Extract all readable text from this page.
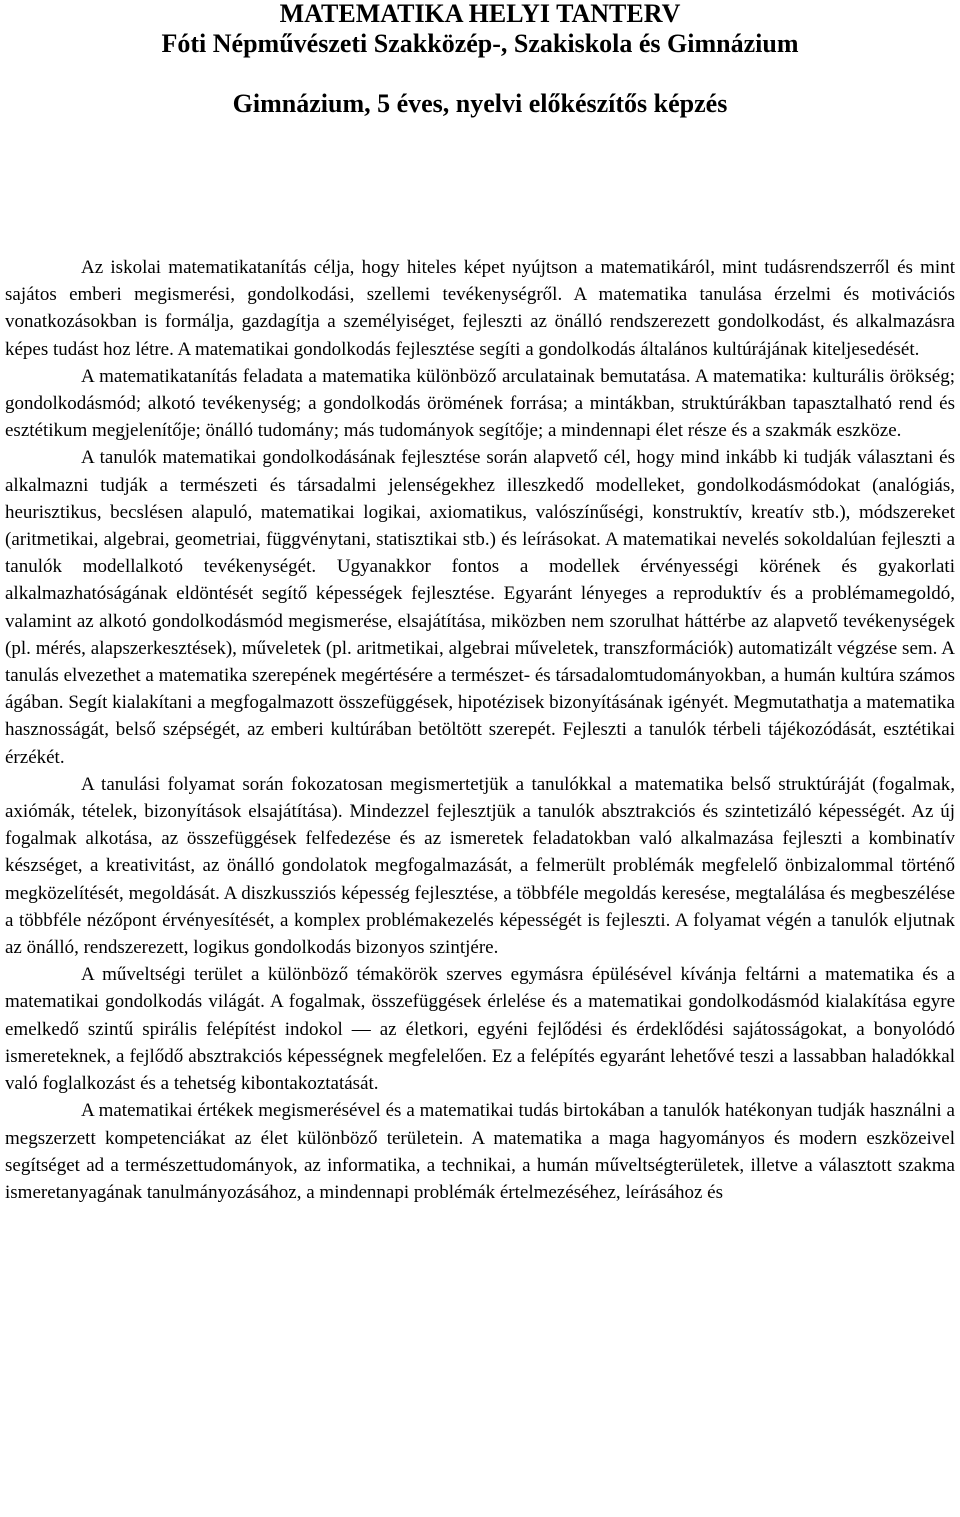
MATEMATIKA HELYI TANTERV
Fóti Népművészeti Szakközép-, Szakiskola és Gimnázium
Gimnázium, 5 éves, nyelvi előkészítős képzés

Az iskolai matematikatanítás célja, hogy hiteles képet nyújtson a matematikáról, mint tudásrendszerről és mint sajátos emberi megismerési, gondolkodási, szellemi tevékenységről. A matematika tanulása érzelmi és motivációs vonatkozásokban is formálja, gazdagítja a személyiséget, fejleszti az önálló rendszerezett gondolkodást, és alkalmazásra képes tudást hoz létre. A matematikai gondolkodás fejlesztése segíti a gondolkodás általános kultúrájának kiteljesedését.

A matematikatanítás feladata a matematika különböző arculatainak bemutatása. A matematika: kulturális örökség; gondolkodásmód; alkotó tevékenység; a gondolkodás örömének forrása; a mintákban, struktúrákban tapasztalható rend és esztétikum megjelenítője; önálló tudomány; más tudományok segítője; a mindennapi élet része és a szakmák eszköze.

A tanulók matematikai gondolkodásának fejlesztése során alapvető cél, hogy mind inkább ki tudják választani és alkalmazni tudják a természeti és társadalmi jelenségekhez illeszkedő modelleket, gondolkodásmódokat (analógiás, heurisztikus, becslésen alapuló, matematikai logikai, axiomatikus, valószínűségi, konstruktív, kreatív stb.), módszereket (aritmetikai, algebrai, geometriai, függvénytani, statisztikai stb.) és leírásokat. A matematikai nevelés sokoldalúan fejleszti a tanulók modellalkotó tevékenységét. Ugyanakkor fontos a modellek érvényességi körének és gyakorlati alkalmazhatóságának eldöntését segítő képességek fejlesztése. Egyaránt lényeges a reproduktív és a problémamegoldó, valamint az alkotó gondolkodásmód megismerése, elsajátítása, miközben nem szorulhat háttérbe az alapvető tevékenységek (pl. mérés, alapszerkesztések), műveletek (pl. aritmetikai, algebrai műveletek, transzformációk) automatizált végzése sem. A tanulás elvezethet a matematika szerepének megértésére a természet- és társadalomtudományokban, a humán kultúra számos ágában. Segít kialakítani a megfogalmazott összefüggések, hipotézisek bizonyításának igényét. Megmutathatja a matematika hasznosságát, belső szépségét, az emberi kultúrában betöltött szerepét. Fejleszti a tanulók térbeli tájékozódását, esztétikai érzékét.

A tanulási folyamat során fokozatosan megismertetjük a tanulókkal a matematika belső struktúráját (fogalmak, axiómák, tételek, bizonyítások elsajátítása). Mindezzel fejlesztjük a tanulók absztrakciós és szintetizáló képességét. Az új fogalmak alkotása, az összefüggések felfedezése és az ismeretek feladatokban való alkalmazása fejleszti a kombinatív készséget, a kreativitást, az önálló gondolatok megfogalmazását, a felmerült problémák megfelelő önbizalommal történő megközelítését, megoldását. A diszkussziós képesség fejlesztése, a többféle megoldás keresése, megtalálása és megbeszélése a többféle nézőpont érvényesítését, a komplex problémakezelés képességét is fejleszti. A folyamat végén a tanulók eljutnak az önálló, rendszerezett, logikus gondolkodás bizonyos szintjére.

A műveltségi terület a különböző témakörök szerves egymásra épülésével kívánja feltárni a matematika és a matematikai gondolkodás világát. A fogalmak, összefüggések érlelése és a matematikai gondolkodásmód kialakítása egyre emelkedő szintű spirális felépítést indokol — az életkori, egyéni fejlődési és érdeklődési sajátosságokat, a bonyolódó ismereteknek, a fejlődő absztrakciós képességnek megfelelően. Ez a felépítés egyaránt lehetővé teszi a lassabban haladókkal való foglalkozást és a tehetség kibontakoztatását.

A matematikai értékek megismerésével és a matematikai tudás birtokában a tanulók hatékonyan tudják használni a megszerzett kompetenciákat az élet különböző területein. A matematika a maga hagyományos és modern eszközeivel segítséget ad a természettudományok, az informatika, a technikai, a humán műveltségterületek, illetve a választott szakma ismeretanyagának tanulmányozásához, a mindennapi problémák értelmezéséhez, leírásához és
